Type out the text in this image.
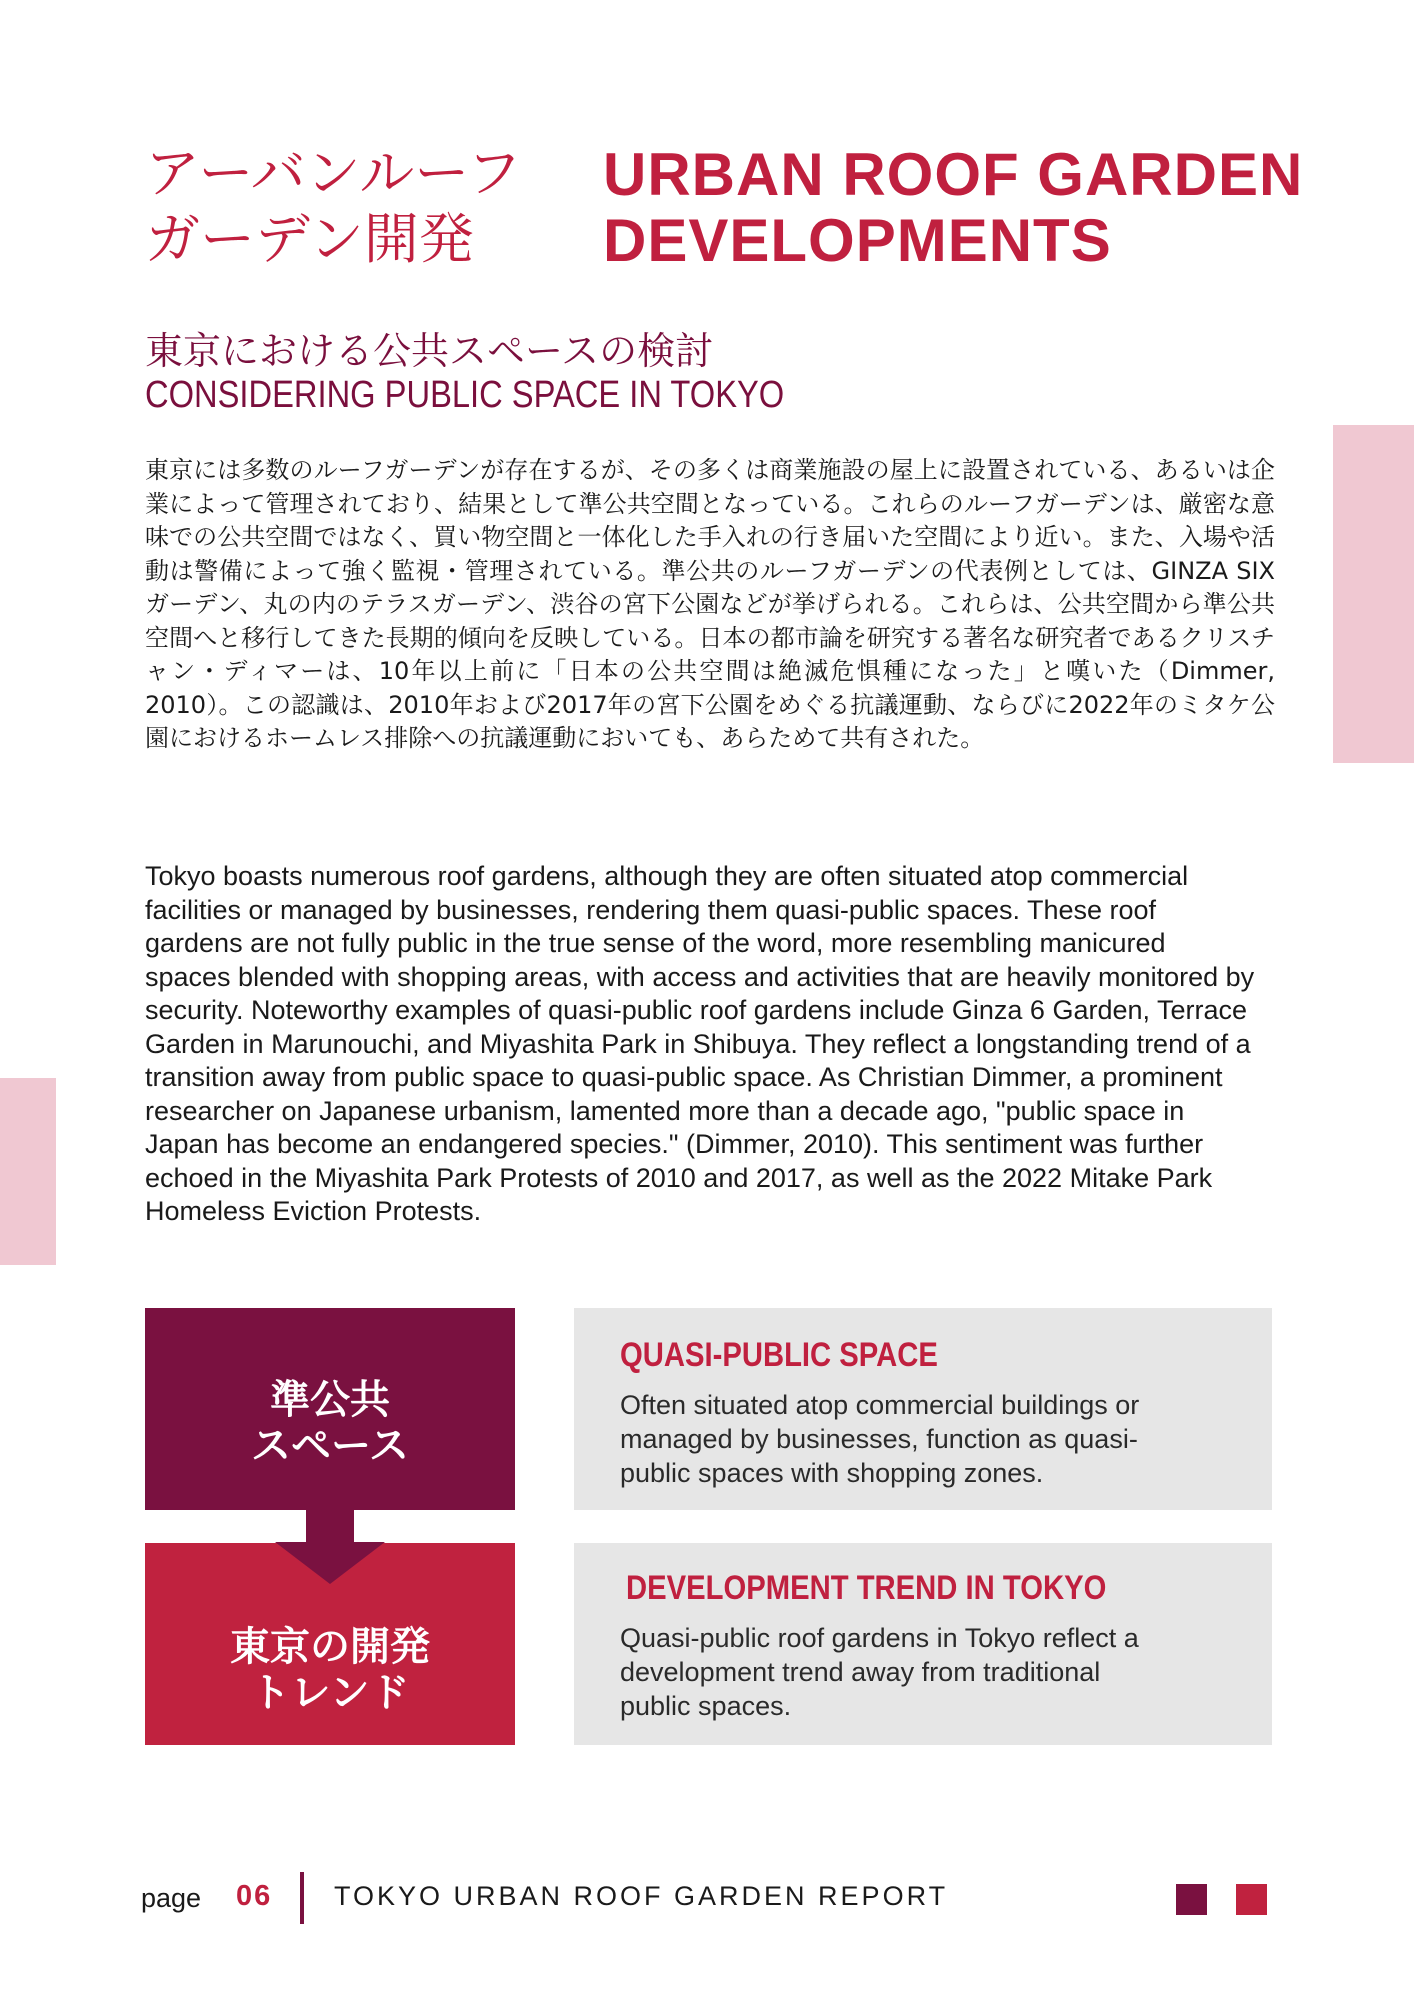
アーバンルーフ
ガーデン開発
URBAN ROOF GARDEN
DEVELOPMENTS
東京における公共スペースの検討
CONSIDERING PUBLIC SPACE IN TOKYO

東京には多数のルーフガーデンが存在するが、その多くは商業施設の屋上に設置されている、あるいは企業によって管理されており、結果として準公共空間となっている。これらのルーフガーデンは、厳密な意味での公共空間ではなく、買い物空間と一体化した手入れの行き届いた空間により近い。また、入場や活動は警備によって強く監視・管理されている。準公共のルーフガーデンの代表例としては、GINZA SIX ガーデン、丸の内のテラスガーデン、渋谷の宮下公園などが挙げられる。これらは、公共空間から準公共空間へと移行してきた長期的傾向を反映している。日本の都市論を研究する著名な研究者であるクリスチャン・ディマーは、10年以上前に「日本の公共空間は絶滅危惧種になった」と嘆いた（Dimmer, 2010）。この認識は、2010年および2017年の宮下公園をめぐる抗議運動、ならびに2022年のミタケ公園におけるホームレス排除への抗議運動においても、あらためて共有された。

Tokyo boasts numerous roof gardens, although they are often situated atop commercial facilities or managed by businesses, rendering them quasi-public spaces. These roof gardens are not fully public in the true sense of the word, more resembling manicured spaces blended with shopping areas, with access and activities that are heavily monitored by security. Noteworthy examples of quasi-public roof gardens include Ginza 6 Garden, Terrace Garden in Marunouchi, and Miyashita Park in Shibuya. They reflect a longstanding trend of a transition away from public space to quasi-public space. As Christian Dimmer, a prominent researcher on Japanese urbanism, lamented more than a decade ago, "public space in Japan has become an endangered species." (Dimmer, 2010). This sentiment was further echoed in the Miyashita Park Protests of 2010 and 2017, as well as the 2022 Mitake Park Homeless Eviction Protests.

準公共
スペース
東京の開発
トレンド
QUASI-PUBLIC SPACE
Often situated atop commercial buildings or
managed by businesses, function as quasi-
public spaces with shopping zones.
DEVELOPMENT TREND IN TOKYO
Quasi-public roof gardens in Tokyo reflect a
development trend away from traditional
public spaces.
page 06 TOKYO URBAN ROOF GARDEN REPORT
